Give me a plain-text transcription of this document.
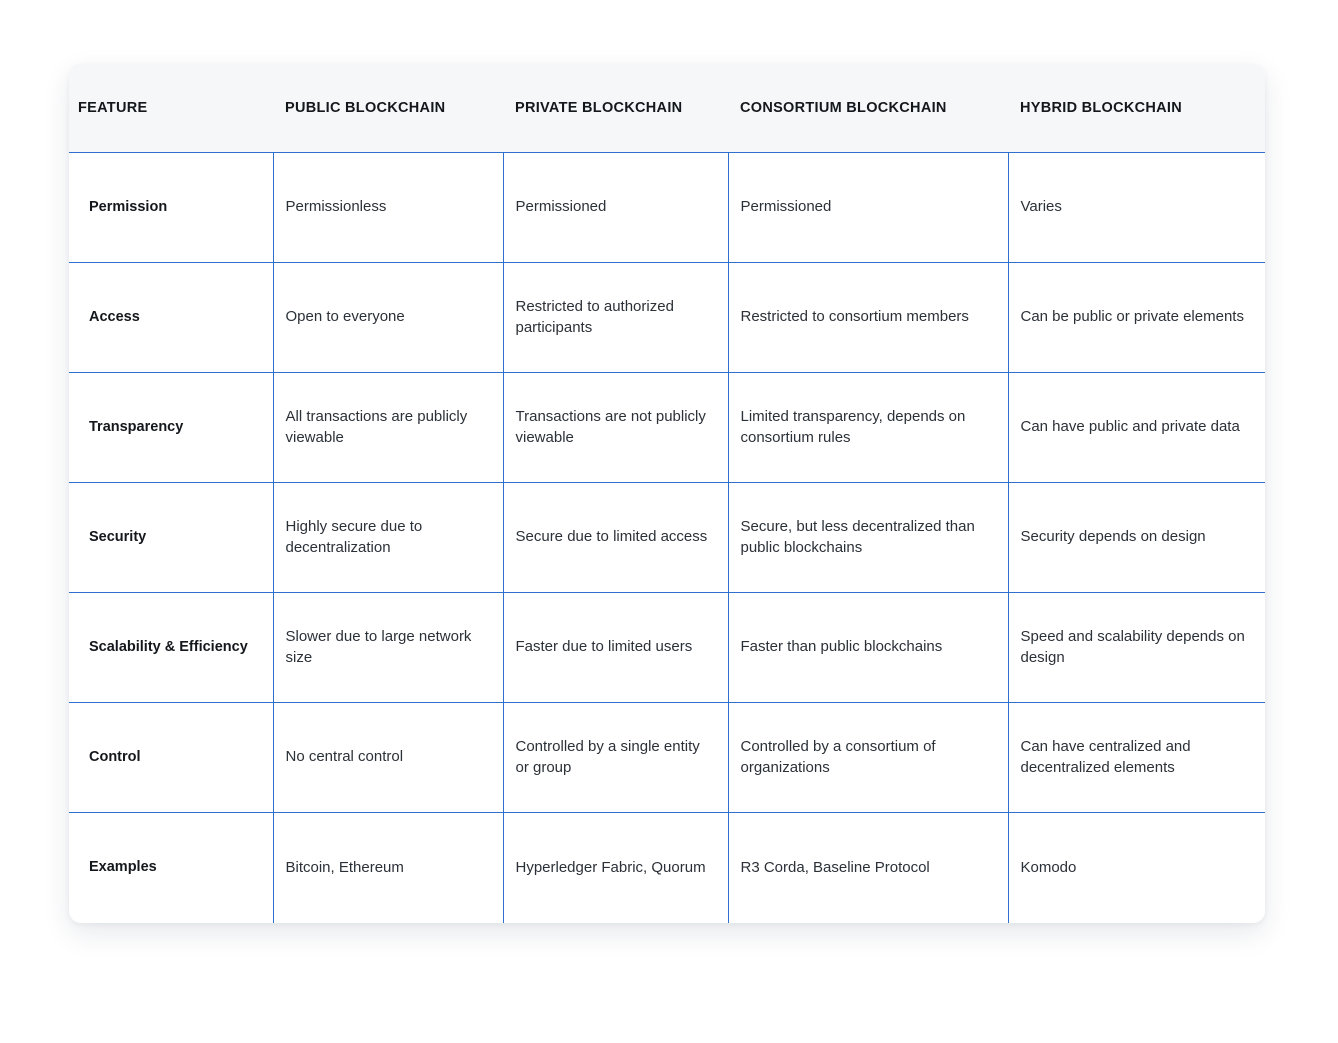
FEATURE	PUBLIC BLOCKCHAIN	PRIVATE BLOCKCHAIN	CONSORTIUM BLOCKCHAIN	HYBRID BLOCKCHAIN

Permission	Permissionless	Permissioned	Permissioned	Varies

Access	Open to everyone	Restricted to authorized participants	Restricted to consortium members	Can be public or private elements

Transparency	All transactions are publicly viewable	Transactions are not publicly viewable	Limited transparency, depends on consortium rules	Can have public and private data

Security	Highly secure due to decentralization	Secure due to limited access	Secure, but less decentralized than public blockchains	Security depends on design

Scalability & Efficiency	Slower due to large network size	Faster due to limited users	Faster than public blockchains	Speed and scalability depends on design

Control	No central control	Controlled by a single entity or group	Controlled by a consortium of organizations	Can have centralized and decentralized elements

Examples	Bitcoin, Ethereum	Hyperledger Fabric, Quorum	R3 Corda, Baseline Protocol	Komodo
